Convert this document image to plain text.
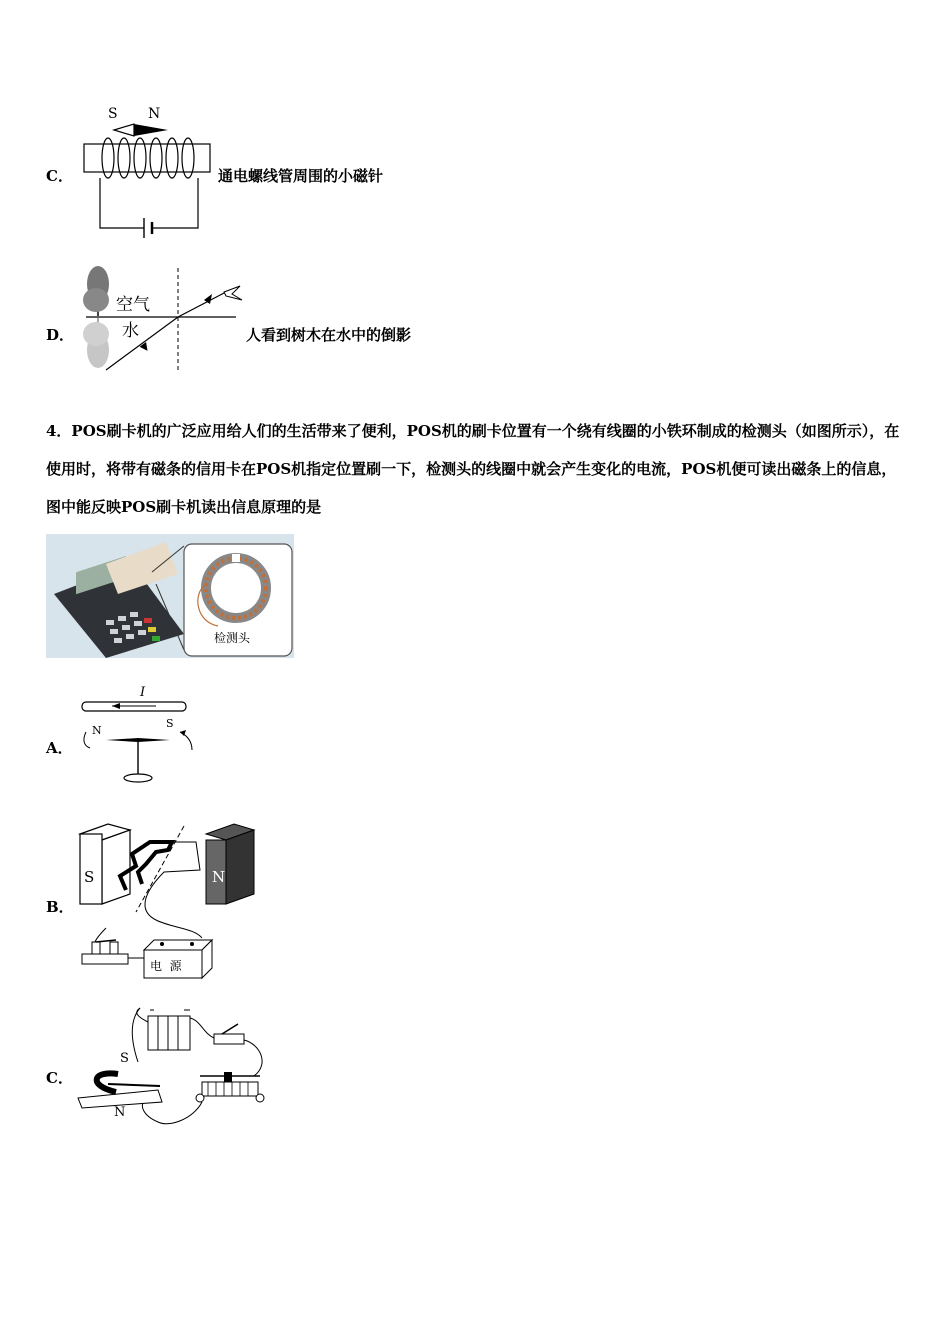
C．
S N
通电螺线管周围的小磁针
D．
空气
水	人看到树木在水中的倒影
4．POS刷卡机的广泛应用给人们的生活带来了便利，POS机的刷卡位置有一个绕有线圈的小铁环制成的检测头（如图所示），在使用时，将带有磁条的信用卡在POS机指定位置刷一下，检测头的线圈中就会产生变化的电流，POS机便可读出磁条上的信息，图中能反映POS刷卡机读出信息原理的是
检测头
A．
I
N
S
B．
S	N
电  源
C．
S
N
